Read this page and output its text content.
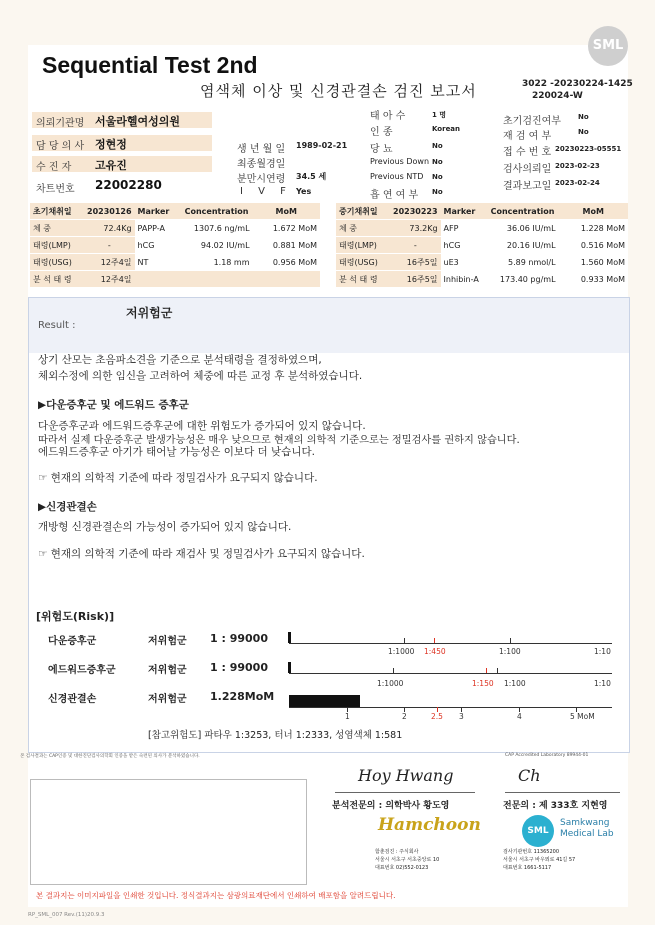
SML
Sequential Test 2nd
염색체 이상 및 신경관결손 검진 보고서	3022 -20230224-1425
220024-W
의뢰기관명 서울라헬여성의원
담 당 의 사 정현정
수 진 자 고유진
차트번호 22002280
생 년 월 일 1989-02-21
최종월경일
분만시연령 34.5 세
I V F Yes
태 아 수	1 명
인 종	Korean
당 뇨	No
Previous Down No
Previous NTD No
흡 연 여 부 No
초기검진여부 No
재 검 여 부	No
접 수 번 호 20230223-05551
검사의뢰일 2023-02-23
결과보고일 2023-02-24
초기채취일	20230126	Marker	Concentration	MoM
체 중	72.4Kg	PAPP-A	1307.6 ng/mL	1.672 MoM
태령(LMP)	-	hCG	94.02 IU/mL	0.881 MoM
태령(USG)	12주4일	NT	1.18 mm	0.956 MoM
분 석 태 령	12주4일			
중기채취일	20230223	Marker	Concentration	MoM
체 중	73.2Kg	AFP	36.06 IU/mL	1.228 MoM
태령(LMP)	-	hCG	20.16 IU/mL	0.516 MoM
태령(USG)	16주5일	uE3	5.89 nmol/L	1.560 MoM
분 석 태 령	16주5일	Inhibin-A	173.40 pg/mL	0.933 MoM
Result :
저위험군
상기 산모는 초음파소견을 기준으로 분석태령을 결정하였으며,
체외수정에 의한 임신을 고려하여 체중에 따른 교정 후 분석하였습니다.
▶다운증후군 및 에드워드 증후군
다운증후군과 에드워드증후군에 대한 위험도가 증가되어 있지 않습니다.
따라서 실제 다운증후군 발생가능성은 매우 낮으므로 현재의 의학적 기준으로는 정밀검사를 권하지 않습니다.
에드워드증후군 아기가 태어날 가능성은 이보다 더 낮습니다.
☞ 현재의 의학적 기준에 따라 정밀검사가 요구되지 않습니다.
▶신경관결손
개방형 신경관결손의 가능성이 증가되어 있지 않습니다.
☞ 현재의 의학적 기준에 따라 재검사 및 정밀검사가 요구되지 않습니다.
[위험도(Risk)]
다운증후군	저위험군 1 : 99000
에드워드증후군	저위험군 1 : 99000
신경관결손	저위험군 1.228MoM
1:1000 1:450	1:100	1:10
1:1000	1:150 1:100	1:10
1	2	2.5 3	4	5 MoM
[참고위험도] 파타우 1:3253, 터너 1:2333, 성염색체 1:581
본 검사결과는 CAP인증 및 대한진단검사의학회 인증을 받은 숙련된 의사가 분석하였습니다.	CAP Accredited Laboratory 89944-01
Hoy Hwang
분석전문의 : 의학박사 황도영
Ch
전문의 : 제 333호 지현영
Hamchoon
함춘검진 : 주식회사
서울시 서초구 서초중앙로 10
대표번호 02)552-0123
SML
Samkwang
Medical Lab
검사기관번호 11365200
서울시 서초구 바우뫼로 41길 57
대표번호 1661-5117
본 결과지는 이미지파일을 인쇄한 것입니다. 정식결과지는 삼광의료재단에서 인쇄하여 배포함을 알려드립니다.
RP_SML_007 Rev.(11)20.9.3
